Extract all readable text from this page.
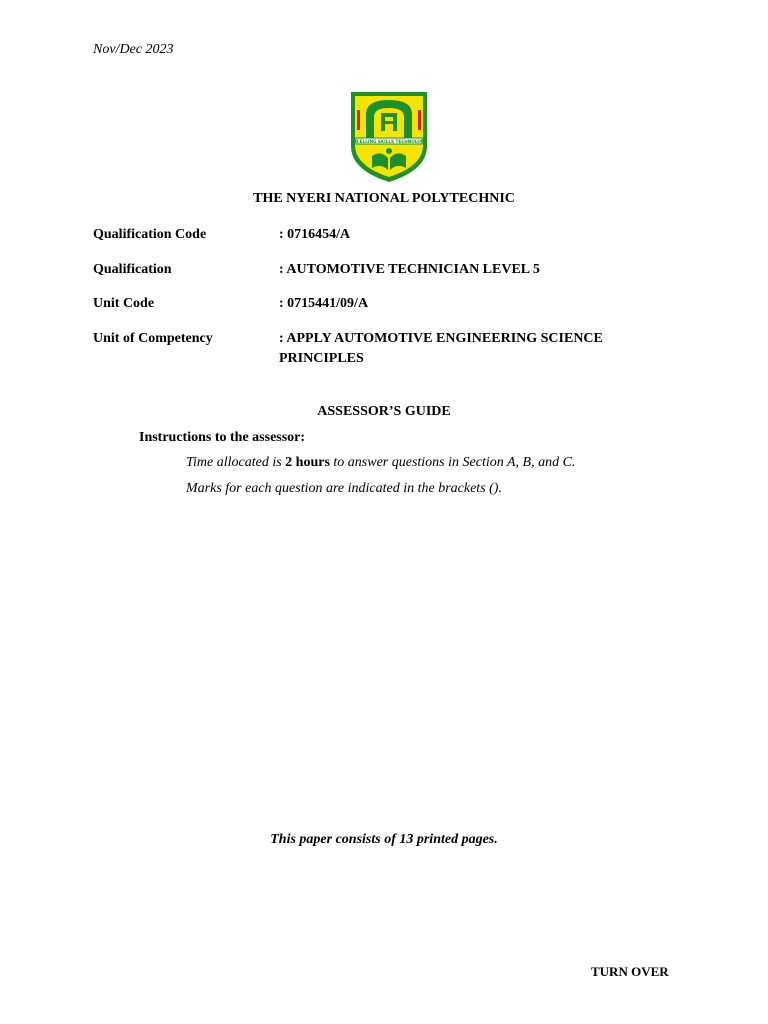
Nov/Dec 2023
EXCELLING SKILLS TECHNOLOGY
THE NYERI NATIONAL POLYTECHNIC
Qualification Code	: 0716454/A
Qualification	: AUTOMOTIVE TECHNICIAN LEVEL 5
Unit Code	: 0715441/09/A
Unit of Competency	: APPLY AUTOMOTIVE ENGINEERING SCIENCE PRINCIPLES
ASSESSOR’S GUIDE
Instructions to the assessor:
Time allocated is 2 hours to answer questions in Section A, B, and C.
Marks for each question are indicated in the brackets ().
This paper consists of 13 printed pages.
TURN OVER
